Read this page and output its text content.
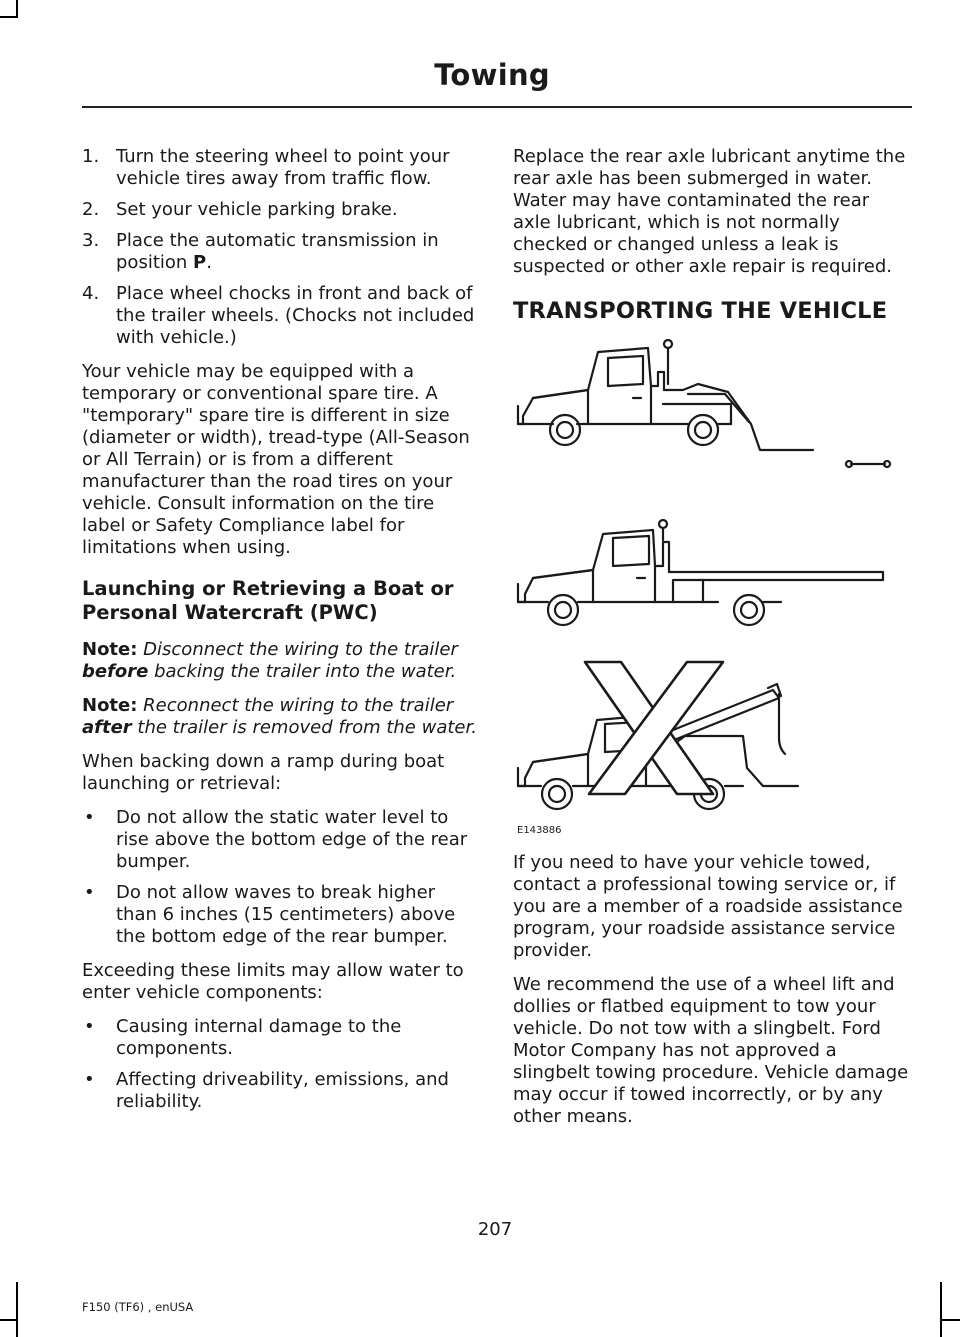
Towing
1. Turn the steering wheel to point your vehicle tires away from traffic flow.
2. Set your vehicle parking brake.
3. Place the automatic transmission in position P.
4. Place wheel chocks in front and back of the trailer wheels. (Chocks not included with vehicle.)

Your vehicle may be equipped with a temporary or conventional spare tire. A "temporary" spare tire is different in size (diameter or width), tread-type (All-Season or All Terrain) or is from a different manufacturer than the road tires on your vehicle. Consult information on the tire label or Safety Compliance label for limitations when using.

Launching or Retrieving a Boat or Personal Watercraft (PWC)

Note: Disconnect the wiring to the trailer before backing the trailer into the water.

Note: Reconnect the wiring to the trailer after the trailer is removed from the water.

When backing down a ramp during boat launching or retrieval:

• Do not allow the static water level to rise above the bottom edge of the rear bumper.
• Do not allow waves to break higher than 6 inches (15 centimeters) above the bottom edge of the rear bumper.

Exceeding these limits may allow water to enter vehicle components:

• Causing internal damage to the components.
• Affecting driveability, emissions, and reliability.

Replace the rear axle lubricant anytime the rear axle has been submerged in water. Water may have contaminated the rear axle lubricant, which is not normally checked or changed unless a leak is suspected or other axle repair is required.

TRANSPORTING THE VEHICLE
E143886

If you need to have your vehicle towed, contact a professional towing service or, if you are a member of a roadside assistance program, your roadside assistance service provider.

We recommend the use of a wheel lift and dollies or flatbed equipment to tow your vehicle. Do not tow with a slingbelt. Ford Motor Company has not approved a slingbelt towing procedure. Vehicle damage may occur if towed incorrectly, or by any other means.

207
F150 (TF6) , enUSA
